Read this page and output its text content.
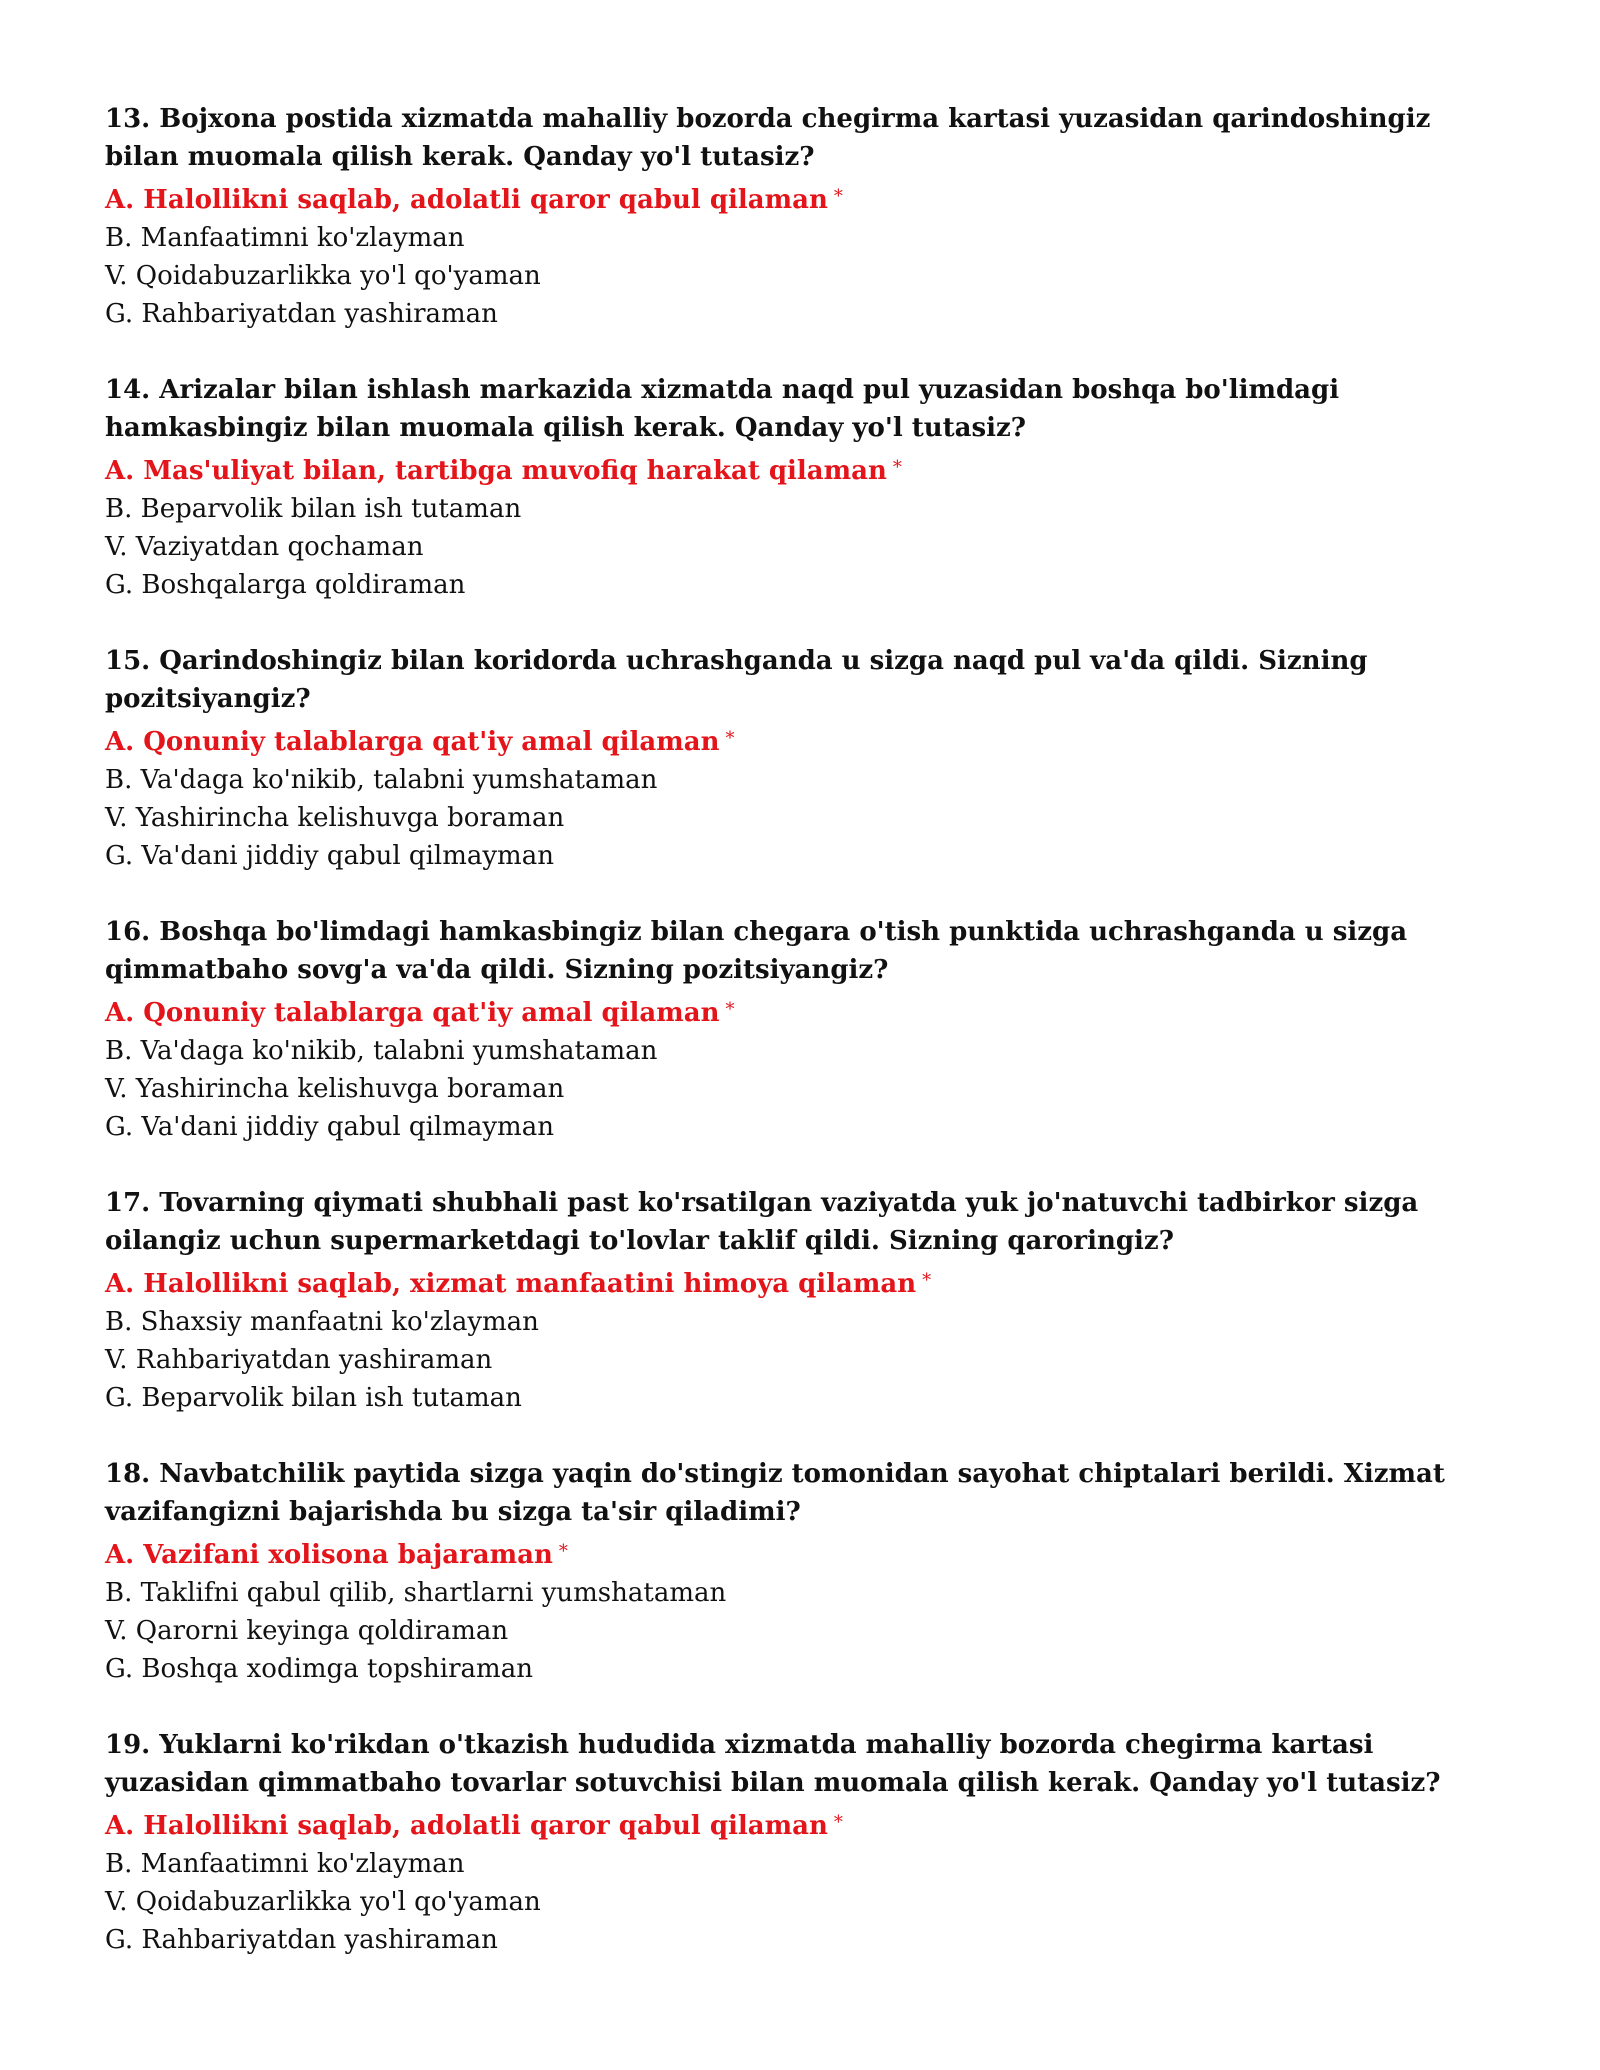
13. Bojxona postida xizmatda mahalliy bozorda chegirma kartasi yuzasidan qarindoshingiz bilan muomala qilish kerak. Qanday yo'l tutasiz?

A. Halollikni saqlab, adolatli qaror qabul qilaman *

B. Manfaatimni ko'zlayman

V. Qoidabuzarlikka yo'l qo'yaman

G. Rahbariyatdan yashiraman

14. Arizalar bilan ishlash markazida xizmatda naqd pul yuzasidan boshqa bo'limdagi hamkasbingiz bilan muomala qilish kerak. Qanday yo'l tutasiz?

A. Mas'uliyat bilan, tartibga muvofiq harakat qilaman *

B. Beparvolik bilan ish tutaman

V. Vaziyatdan qochaman

G. Boshqalarga qoldiraman

15. Qarindoshingiz bilan koridorda uchrashganda u sizga naqd pul va'da qildi. Sizning pozitsiyangiz?

A. Qonuniy talablarga qat'iy amal qilaman *

B. Va'daga ko'nikib, talabni yumshataman

V. Yashirincha kelishuvga boraman

G. Va'dani jiddiy qabul qilmayman

16. Boshqa bo'limdagi hamkasbingiz bilan chegara o'tish punktida uchrashganda u sizga qimmatbaho sovg'a va'da qildi. Sizning pozitsiyangiz?

A. Qonuniy talablarga qat'iy amal qilaman *

B. Va'daga ko'nikib, talabni yumshataman

V. Yashirincha kelishuvga boraman

G. Va'dani jiddiy qabul qilmayman

17. Tovarning qiymati shubhali past ko'rsatilgan vaziyatda yuk jo'natuvchi tadbirkor sizga oilangiz uchun supermarketdagi to'lovlar taklif qildi. Sizning qaroringiz?

A. Halollikni saqlab, xizmat manfaatini himoya qilaman *

B. Shaxsiy manfaatni ko'zlayman

V. Rahbariyatdan yashiraman

G. Beparvolik bilan ish tutaman

18. Navbatchilik paytida sizga yaqin do'stingiz tomonidan sayohat chiptalari berildi. Xizmat vazifangizni bajarishda bu sizga ta'sir qiladimi?

A. Vazifani xolisona bajaraman *

B. Taklifni qabul qilib, shartlarni yumshataman

V. Qarorni keyinga qoldiraman

G. Boshqa xodimga topshiraman

19. Yuklarni ko'rikdan o'tkazish hududida xizmatda mahalliy bozorda chegirma kartasi yuzasidan qimmatbaho tovarlar sotuvchisi bilan muomala qilish kerak. Qanday yo'l tutasiz?

A. Halollikni saqlab, adolatli qaror qabul qilaman *

B. Manfaatimni ko'zlayman

V. Qoidabuzarlikka yo'l qo'yaman

G. Rahbariyatdan yashiraman
